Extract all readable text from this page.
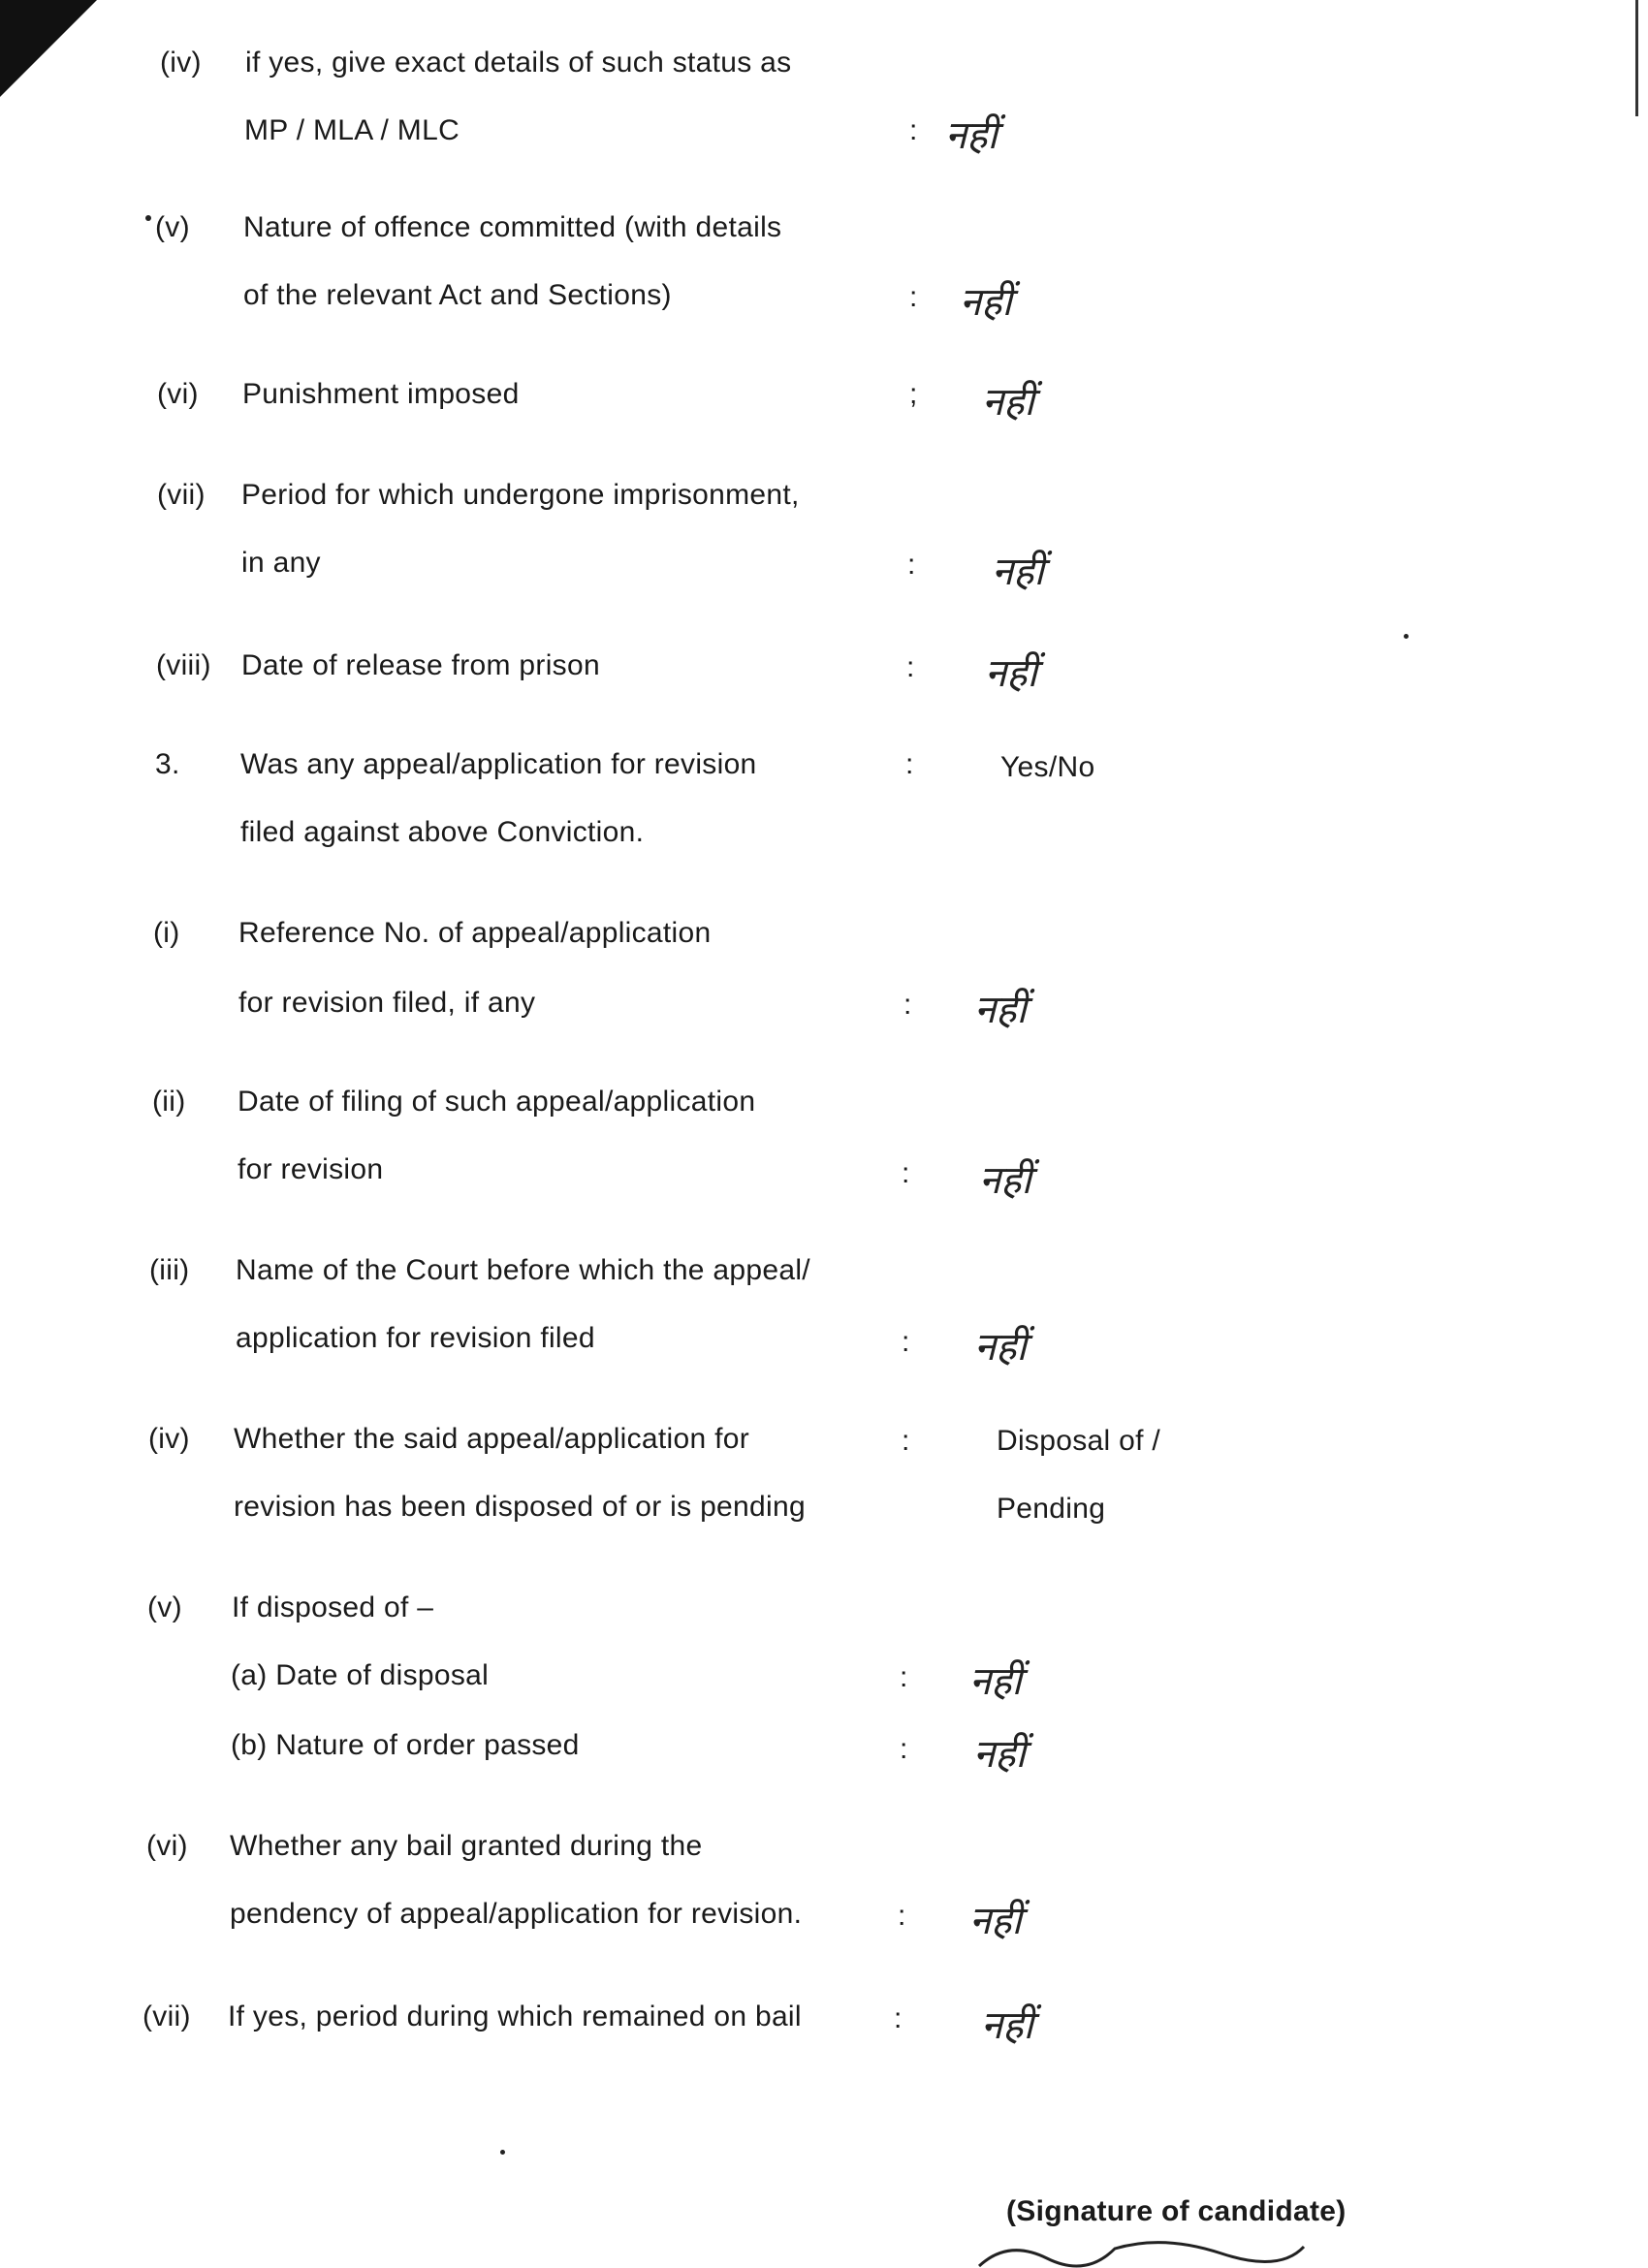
(iv) if yes, give exact details of such status as
MP / MLA / MLC	: नहीं
(v) Nature of offence committed (with details
of the relevant Act and Sections)	: नहीं
(vi) Punishment imposed	; नहीं
(vii) Period for which undergone imprisonment,
in any	: नहीं
(viii) Date of release from prison	: नहीं
3. Was any appeal/application for revision
filed against above Conviction.
:	Yes/No
(i) Reference No. of appeal/application
for revision filed, if any	: नहीं
(ii) Date of filing of such appeal/application
for revision	: नहीं
(iii) Name of the Court before which the appeal/
application for revision filed	: नहीं
(iv) Whether the said appeal/application for
revision has been disposed of or is pending
:	Disposal of /
Pending
(v) If disposed of –
(a) Date of disposal	: नहीं
(b) Nature of order passed	: नहीं
(vi) Whether any bail granted during the
pendency of appeal/application for revision.	: नहीं
(vii) If yes, period during which remained on bail	: नहीं
(Signature of candidate)
